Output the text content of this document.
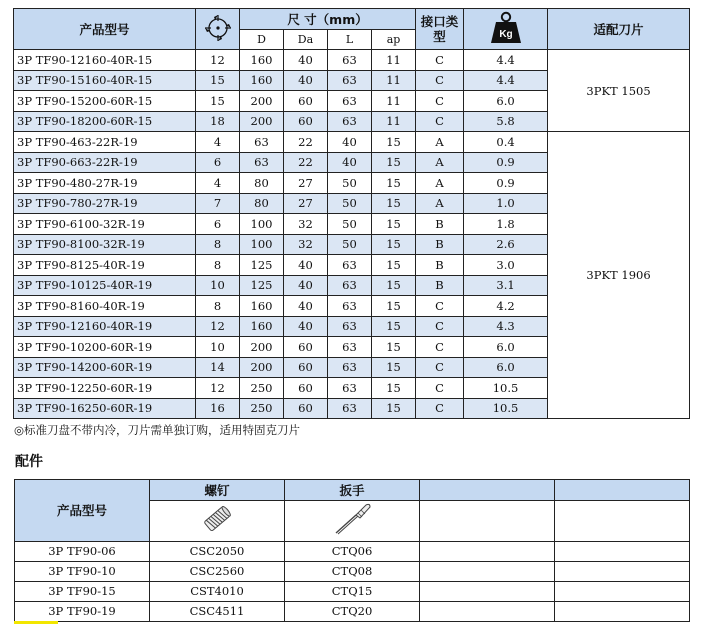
产品型号		尺 寸（mm）				接口类型	Kg	适配刀片
		D	Da	L	ap			
3P TF90-12160-40R-15	12	160	40	63	11	C	4.4	3PKT 1505
3P TF90-15160-40R-15	15	160	40	63	11	C	4.4	
3P TF90-15200-60R-15	15	200	60	63	11	C	6.0	
3P TF90-18200-60R-15	18	200	60	63	11	C	5.8	
3P TF90-463-22R-19	4	63	22	40	15	A	0.4	3PKT 1906
3P TF90-663-22R-19	6	63	22	40	15	A	0.9	
3P TF90-480-27R-19	4	80	27	50	15	A	0.9	
3P TF90-780-27R-19	7	80	27	50	15	A	1.0	
3P TF90-6100-32R-19	6	100	32	50	15	B	1.8	
3P TF90-8100-32R-19	8	100	32	50	15	B	2.6	
3P TF90-8125-40R-19	8	125	40	63	15	B	3.0	
3P TF90-10125-40R-19	10	125	40	63	15	B	3.1	
3P TF90-8160-40R-19	8	160	40	63	15	C	4.2	
3P TF90-12160-40R-19	12	160	40	63	15	C	4.3	
3P TF90-10200-60R-19	10	200	60	63	15	C	6.0	
3P TF90-14200-60R-19	14	200	60	63	15	C	6.0	
3P TF90-12250-60R-19	12	250	60	63	15	C	10.5	
3P TF90-16250-60R-19	16	250	60	63	15	C	10.5	
◎标准刀盘不带内冷，刀片需单独订购，适用特固克刀片
配件
产品型号	螺钉	扳手		

3P TF90-06	CSC2050	CTQ06		
3P TF90-10	CSC2560	CTQ08		
3P TF90-15	CST4010	CTQ15		
3P TF90-19	CSC4511	CTQ20		
